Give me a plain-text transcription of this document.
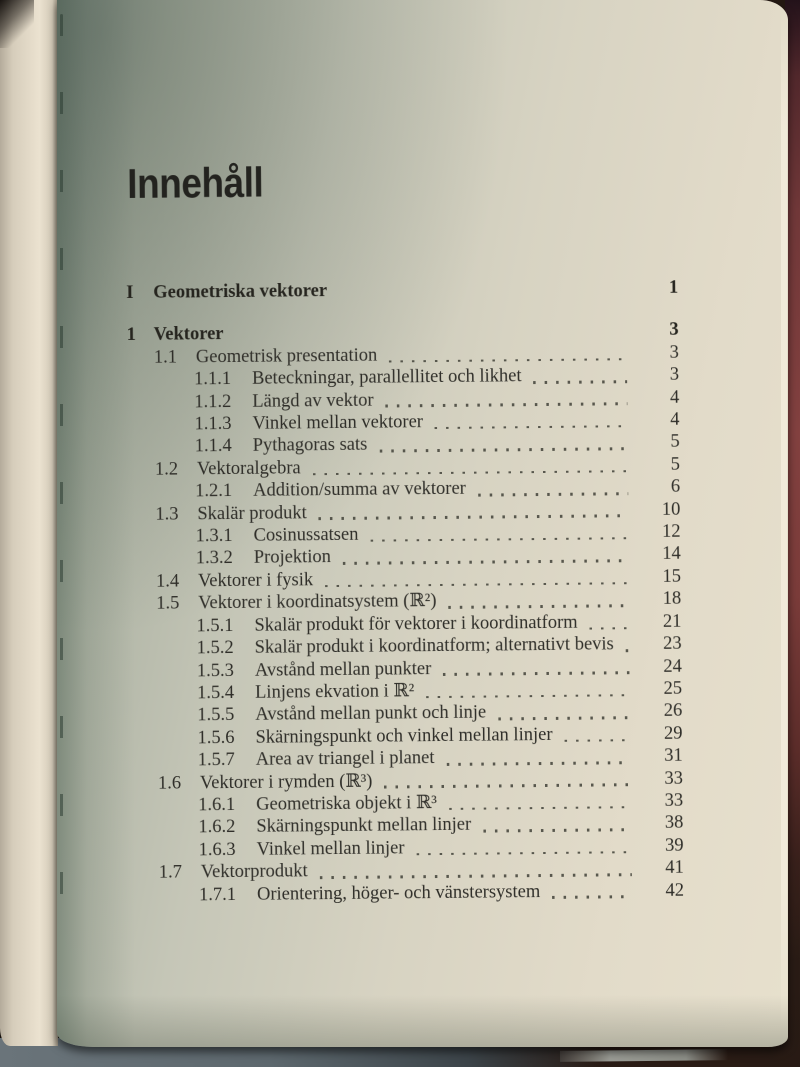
Innehåll
I	Geometriska vektorer	1
1 Vektorer	3
1.1	Geometrisk presentation	3
1.1.1	Beteckningar, parallellitet och likhet	3
1.1.2	Längd av vektor	4
1.1.3	Vinkel mellan vektorer	4
1.1.4	Pythagoras sats	5
1.2	Vektoralgebra	5
1.2.1	Addition/summa av vektorer	6
1.3	Skalär produkt	10
1.3.1	Cosinussatsen	12
1.3.2	Projektion	14
1.4	Vektorer i fysik	15
1.5	Vektorer i koordinatsystem (ℝ²)	18
1.5.1	Skalär produkt för vektorer i koordinatform	21
1.5.2	Skalär produkt i koordinatform; alternativt bevis	23
1.5.3	Avstånd mellan punkter	24
1.5.4	Linjens ekvation i ℝ²	25
1.5.5	Avstånd mellan punkt och linje	26
1.5.6	Skärningspunkt och vinkel mellan linjer	29
1.5.7	Area av triangel i planet	31
1.6	Vektorer i rymden (ℝ³)	33
1.6.1	Geometriska objekt i ℝ³	33
1.6.2	Skärningspunkt mellan linjer	38
1.6.3	Vinkel mellan linjer	39
1.7	Vektorprodukt	41
1.7.1	Orientering, höger- och vänstersystem	42
